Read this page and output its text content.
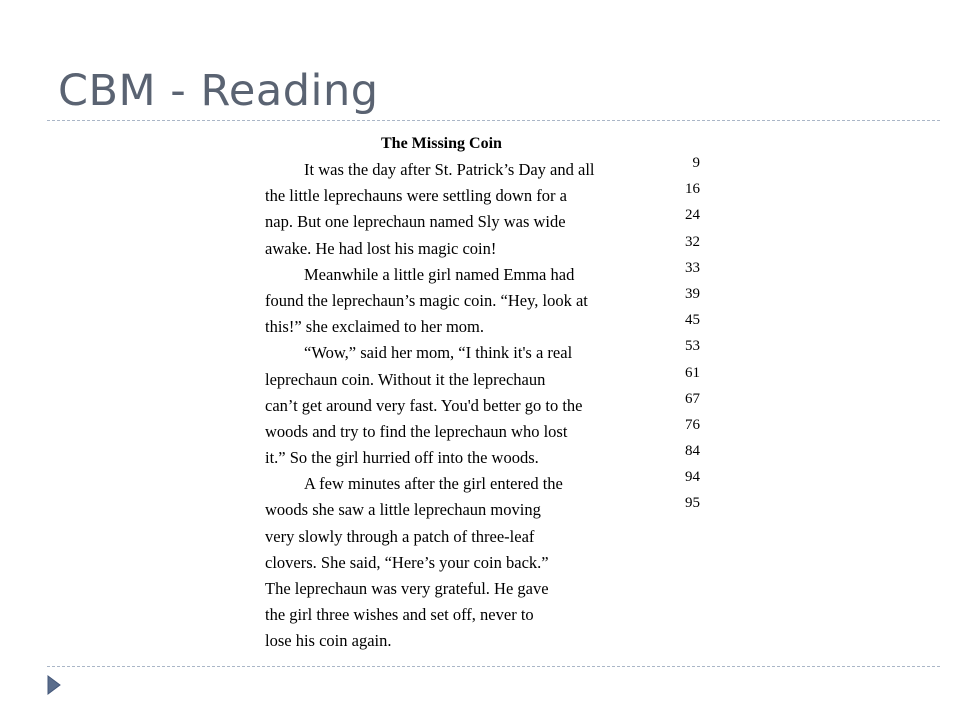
CBM - Reading
The Missing Coin
It was the day after St. Patrick’s Day and all
the little leprechauns were settling down for a
nap. But one leprechaun named Sly was wide
awake. He had lost his magic coin!
Meanwhile a little girl named Emma had
found the leprechaun’s magic coin. “Hey, look at
this!” she exclaimed to her mom.
“Wow,” said her mom, “I think it's a real
leprechaun coin. Without it the leprechaun
can’t get around very fast. You'd better go to the
woods and try to find the leprechaun who lost
it.” So the girl hurried off into the woods.
A few minutes after the girl entered the
woods she saw a little leprechaun moving
very slowly through a patch of three-leaf
clovers. She said, “Here’s your coin back.”
The leprechaun was very grateful. He gave
the girl three wishes and set off, never to
lose his coin again.
9
16
24
32
33
39
45
53
61
67
76
84
94
95
